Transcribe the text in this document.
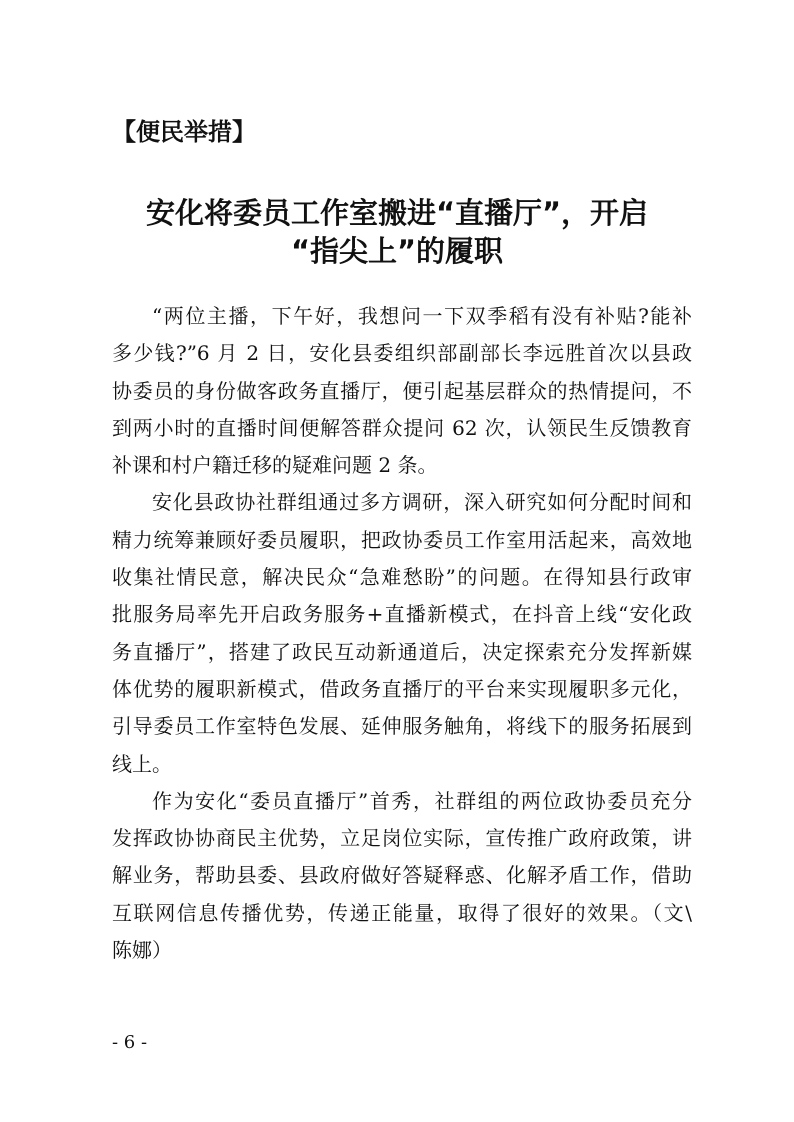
【便民举措】
安化将委员工作室搬进“直播厅”，开启
“指尖上”的履职
“两位主播，下午好，我想问一下双季稻有没有补贴?能补
多少钱?”6 月 2 日，安化县委组织部副部长李远胜首次以县政
协委员的身份做客政务直播厅，便引起基层群众的热情提问，不
到两小时的直播时间便解答群众提问 62 次，认领民生反馈教育
补课和村户籍迁移的疑难问题 2 条。
安化县政协社群组通过多方调研，深入研究如何分配时间和
精力统筹兼顾好委员履职，把政协委员工作室用活起来，高效地
收集社情民意，解决民众“急难愁盼”的问题。在得知县行政审
批服务局率先开启政务服务+直播新模式，在抖音上线“安化政
务直播厅”，搭建了政民互动新通道后，决定探索充分发挥新媒
体优势的履职新模式，借政务直播厅的平台来实现履职多元化，
引导委员工作室特色发展、延伸服务触角，将线下的服务拓展到
线上。
作为安化“委员直播厅”首秀，社群组的两位政协委员充分
发挥政协协商民主优势，立足岗位实际，宣传推广政府政策，讲
解业务，帮助县委、县政府做好答疑释惑、化解矛盾工作，借助
互联网信息传播优势，传递正能量，取得了很好的效果。（文\
陈娜）
- 6 -
